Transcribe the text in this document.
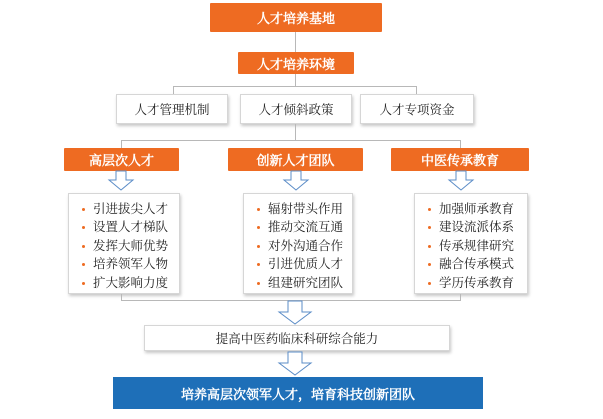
人才培养基地
人才培养环境
人才管理机制	人才倾斜政策	人才专项资金
高层次人才	创新人才团队	中医传承教育
引进拔尖人才
设置人才梯队
发挥大师优势
培养领军人物
扩大影响力度
辐射带头作用
推动交流互通
对外沟通合作
引进优质人才
组建研究团队
加强师承教育
建设流派体系
传承规律研究
融合传承模式
学历传承教育
提高中医药临床科研综合能力
培养高层次领军人才，培育科技创新团队
